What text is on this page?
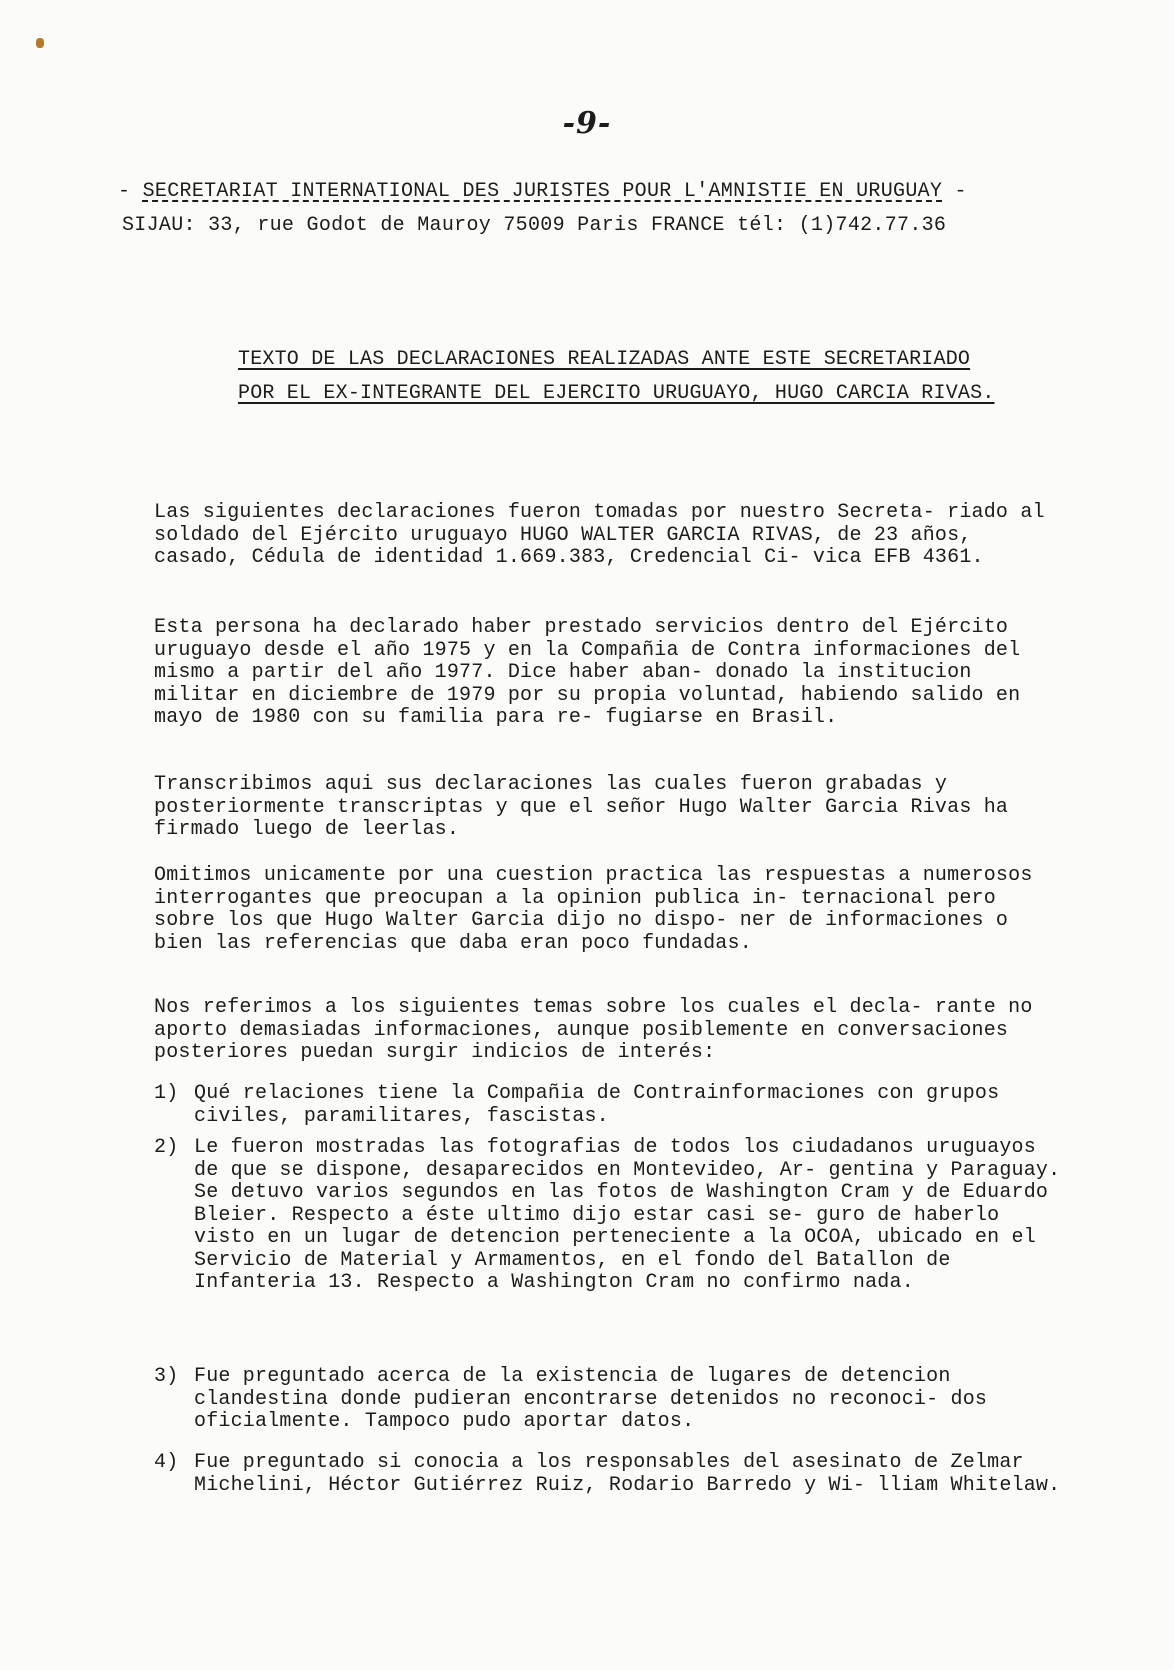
-9-
- SECRETARIAT INTERNATIONAL DES JURISTES POUR L'AMNISTIE EN URUGUAY -
SIJAU: 33, rue Godot de Mauroy 75009 Paris FRANCE tél: (1)742.77.36
TEXTO DE LAS DECLARACIONES REALIZADAS ANTE ESTE SECRETARIADO
POR EL EX-INTEGRANTE DEL EJERCITO URUGUAYO, HUGO CARCIA RIVAS.
Las siguientes declaraciones fueron tomadas por nuestro Secreta- riado al soldado del Ejército uruguayo HUGO WALTER GARCIA RIVAS, de 23 años, casado, Cédula de identidad 1.669.383, Credencial Ci- vica EFB 4361.
Esta persona ha declarado haber prestado servicios dentro del Ejército uruguayo desde el año 1975 y en la Compañia de Contra informaciones del mismo a partir del año 1977. Dice haber aban- donado la institucion militar en diciembre de 1979 por su propia voluntad, habiendo salido en mayo de 1980 con su familia para re- fugiarse en Brasil.
Transcribimos aqui sus declaraciones las cuales fueron grabadas y posteriormente transcriptas y que el señor Hugo Walter Garcia Rivas ha firmado luego de leerlas.
Omitimos unicamente por una cuestion practica las respuestas a numerosos interrogantes que preocupan a la opinion publica in- ternacional pero sobre los que Hugo Walter Garcia dijo no dispo- ner de informaciones o bien las referencias que daba eran poco fundadas.
Nos referimos a los siguientes temas sobre los cuales el decla- rante no aporto demasiadas informaciones, aunque posiblemente en conversaciones posteriores puedan surgir indicios de interés:
1) Qué relaciones tiene la Compañia de Contrainformaciones con grupos civiles, paramilitares, fascistas.
2) Le fueron mostradas las fotografias de todos los ciudadanos uruguayos de que se dispone, desaparecidos en Montevideo, Ar- gentina y Paraguay.
Se detuvo varios segundos en las fotos de Washington Cram y de Eduardo Bleier. Respecto a éste ultimo dijo estar casi se- guro de haberlo visto en un lugar de detencion perteneciente a la OCOA, ubicado en el Servicio de Material y Armamentos, en el fondo del Batallon de Infanteria 13. Respecto a Washington Cram no confirmo nada.
3) Fue preguntado acerca de la existencia de lugares de detencion clandestina donde pudieran encontrarse detenidos no reconoci- dos oficialmente. Tampoco pudo aportar datos.
4) Fue preguntado si conocia a los responsables del asesinato de Zelmar Michelini, Héctor Gutiérrez Ruiz, Rodario Barredo y Wi- lliam Whitelaw.
